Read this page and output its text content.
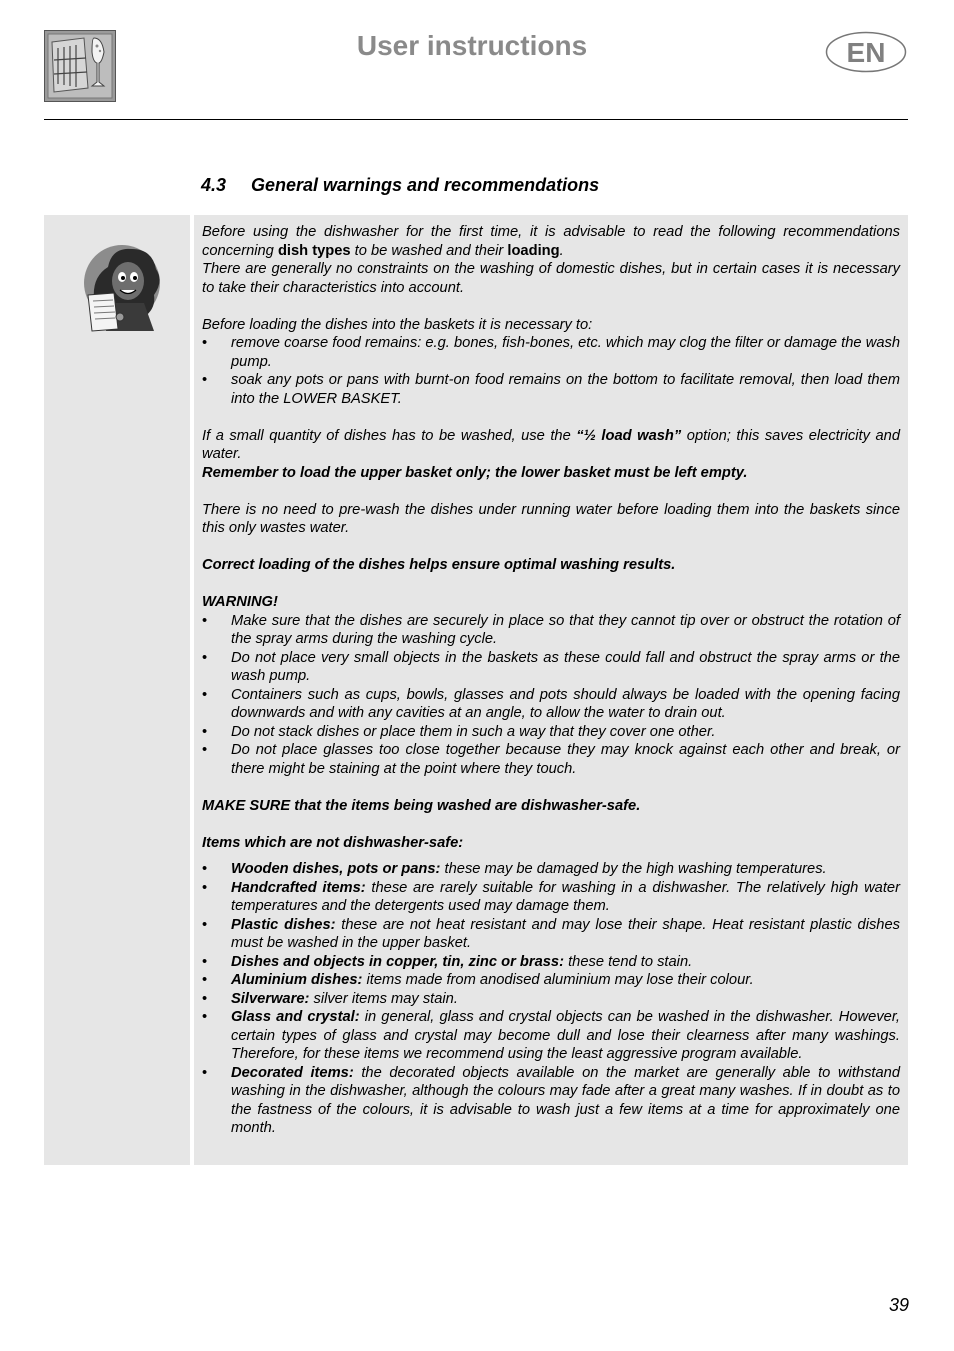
User instructions	EN
4.3 General warnings and recommendations

Before using the dishwasher for the first time, it is advisable to read the following recommendations concerning dish types to be washed and their loading.

There are generally no constraints on the washing of domestic dishes, but in certain cases it is necessary to take their characteristics into account.

Before loading the dishes into the baskets it is necessary to:

• remove coarse food remains: e.g. bones, fish-bones, etc. which may clog the filter or damage the wash pump.
• soak any pots or pans with burnt-on food remains on the bottom to facilitate removal, then load them into the LOWER BASKET.

If a small quantity of dishes has to be washed, use the “½ load wash” option; this saves electricity and water.

Remember to load the upper basket only; the lower basket must be left empty.

There is no need to pre-wash the dishes under running water before loading them into the baskets since this only wastes water.

Correct loading of the dishes helps ensure optimal washing results.

WARNING!

• Make sure that the dishes are securely in place so that they cannot tip over or obstruct the rotation of the spray arms during the washing cycle.
• Do not place very small objects in the baskets as these could fall and obstruct the spray arms or the wash pump.
• Containers such as cups, bowls, glasses and pots should always be loaded with the opening facing downwards and with any cavities at an angle, to allow the water to drain out.
• Do not stack dishes or place them in such a way that they cover one other.
• Do not place glasses too close together because they may knock against each other and break, or there might be staining at the point where they touch.

MAKE SURE that the items being washed are dishwasher-safe.

Items which are not dishwasher-safe:

• Wooden dishes, pots or pans: these may be damaged by the high washing temperatures.
• Handcrafted items: these are rarely suitable for washing in a dishwasher. The relatively high water temperatures and the detergents used may damage them.
• Plastic dishes: these are not heat resistant and may lose their shape. Heat resistant plastic dishes must be washed in the upper basket.
• Dishes and objects in copper, tin, zinc or brass: these tend to stain.
• Aluminium dishes: items made from anodised aluminium may lose their colour.
• Silverware: silver items may stain.
• Glass and crystal: in general, glass and crystal objects can be washed in the dishwasher. However, certain types of glass and crystal may become dull and lose their clearness after many washings. Therefore, for these items we recommend using the least aggressive program available.
• Decorated items: the decorated objects available on the market are generally able to withstand washing in the dishwasher, although the colours may fade after a great many washes. If in doubt as to the fastness of the colours, it is advisable to wash just a few items at a time for approximately one month.
39
